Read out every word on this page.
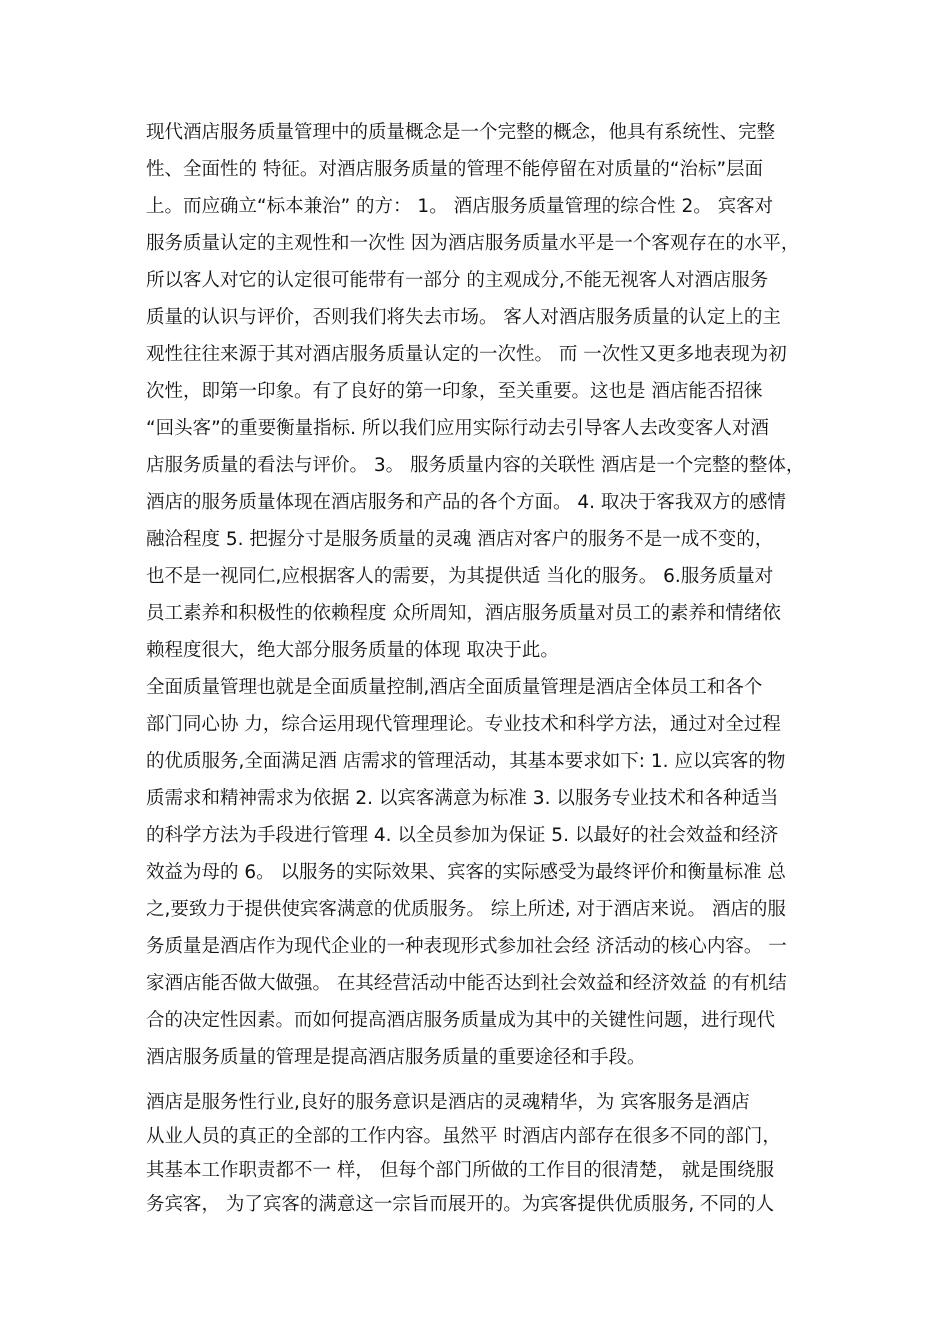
现代酒店服务质量管理中的质量概念是一个完整的概念，他具有系统性、完整
性、全面性的 特征。对酒店服务质量的管理不能停留在对质量的“治标”层面
上。而应确立“标本兼治” 的方： 1。 酒店服务质量管理的综合性 2。 宾客对
服务质量认定的主观性和一次性 因为酒店服务质量水平是一个客观存在的水平，
所以客人对它的认定很可能带有一部分 的主观成分,不能无视客人对酒店服务
质量的认识与评价，否则我们将失去市场。 客人对酒店服务质量的认定上的主
观性往往来源于其对酒店服务质量认定的一次性。 而 一次性又更多地表现为初
次性，即第一印象。有了良好的第一印象，至关重要。这也是 酒店能否招徕
“回头客”的重要衡量指标. 所以我们应用实际行动去引导客人去改变客人对酒
店服务质量的看法与评价。 3。 服务质量内容的关联性 酒店是一个完整的整体，
酒店的服务质量体现在酒店服务和产品的各个方面。 4. 取决于客我双方的感情
融洽程度 5. 把握分寸是服务质量的灵魂 酒店对客户的服务不是一成不变的，
也不是一视同仁,应根据客人的需要，为其提供适 当化的服务。 6.服务质量对
员工素养和积极性的依赖程度 众所周知，酒店服务质量对员工的素养和情绪依
赖程度很大，绝大部分服务质量的体现 取决于此。
全面质量管理也就是全面质量控制,酒店全面质量管理是酒店全体员工和各个
部门同心协 力，综合运用现代管理理论。专业技术和科学方法，通过对全过程
的优质服务,全面满足酒 店需求的管理活动，其基本要求如下: 1. 应以宾客的物
质需求和精神需求为依据 2. 以宾客满意为标准 3. 以服务专业技术和各种适当
的科学方法为手段进行管理 4. 以全员参加为保证 5. 以最好的社会效益和经济
效益为母的 6。 以服务的实际效果、宾客的实际感受为最终评价和衡量标准 总
之,要致力于提供使宾客满意的优质服务。 综上所述, 对于酒店来说。 酒店的服
务质量是酒店作为现代企业的一种表现形式参加社会经 济活动的核心内容。 一
家酒店能否做大做强。 在其经营活动中能否达到社会效益和经济效益 的有机结
合的决定性因素。而如何提高酒店服务质量成为其中的关键性问题，进行现代
酒店服务质量的管理是提高酒店服务质量的重要途径和手段。
酒店是服务性行业,良好的服务意识是酒店的灵魂精华，为 宾客服务是酒店
从业人员的真正的全部的工作内容。虽然平 时酒店内部存在很多不同的部门，
其基本工作职责都不一 样， 但每个部门所做的工作目的很清楚， 就是围绕服
务宾客， 为了宾客的满意这一宗旨而展开的。为宾客提供优质服务, 不同的人
